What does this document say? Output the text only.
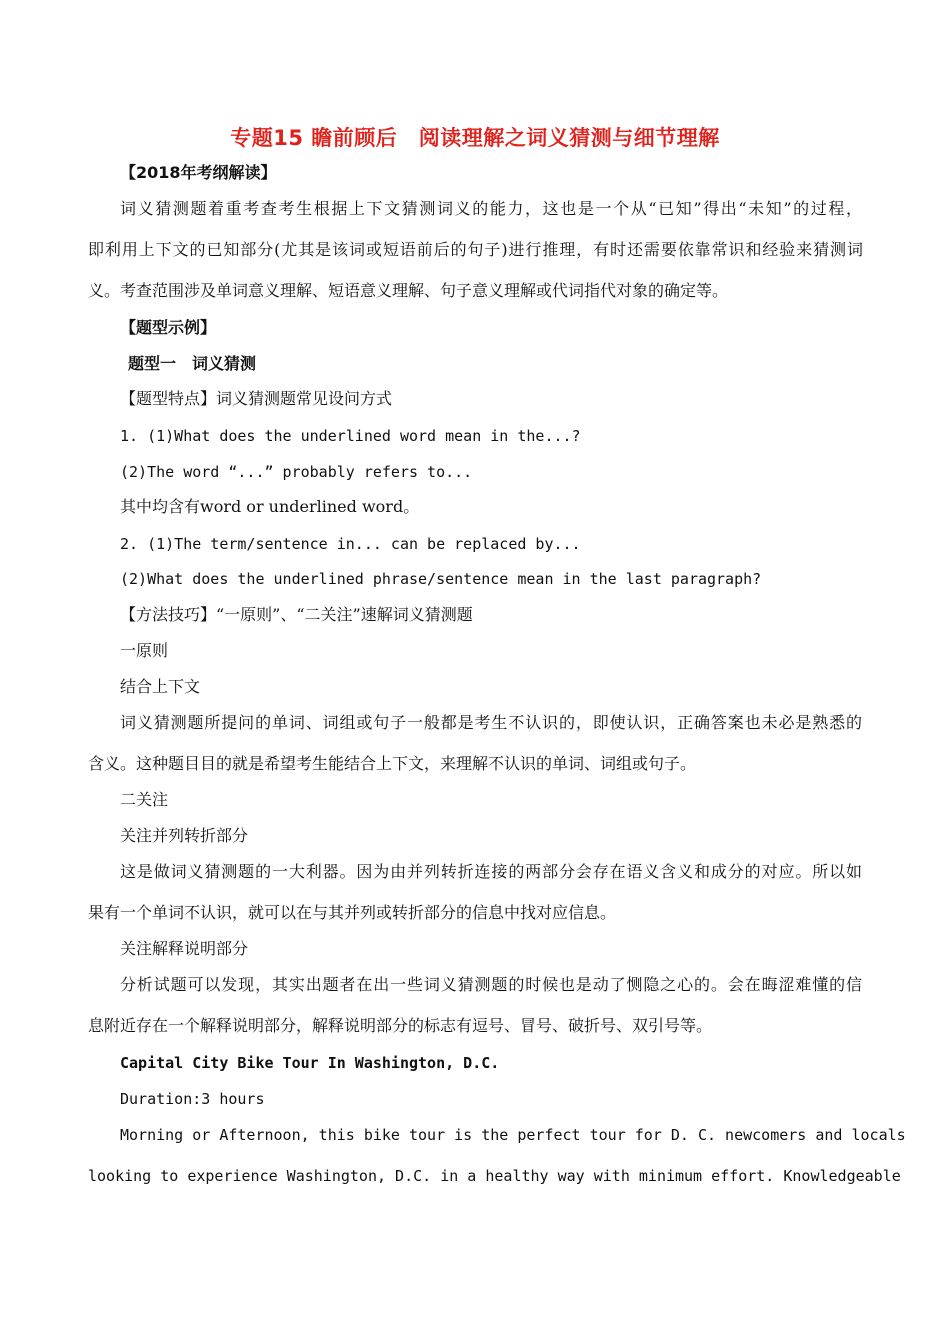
专题15 瞻前顾后　阅读理解之词义猜测与细节理解
【2018年考纲解读】
词义猜测题着重考查考生根据上下文猜测词义的能力，这也是一个从“已知”得出“未知”的过程，
即利用上下文的已知部分(尤其是该词或短语前后的句子)进行推理，有时还需要依靠常识和经验来猜测词
义。考查范围涉及单词意义理解、短语意义理解、句子意义理解或代词指代对象的确定等。
【题型示例】
题型一　词义猜测
【题型特点】词义猜测题常见设问方式
1. (1)What does the underlined word mean in the...?
(2)The word “...” probably refers to...
其中均含有word or underlined word。
2. (1)The term/sentence in... can be replaced by...
(2)What does the underlined phrase/sentence mean in the last paragraph?
【方法技巧】“一原则”、“二关注”速解词义猜测题
一原则
结合上下文
词义猜测题所提问的单词、词组或句子一般都是考生不认识的，即使认识，正确答案也未必是熟悉的
含义。这种题目目的就是希望考生能结合上下文，来理解不认识的单词、词组或句子。
二关注
关注并列转折部分
这是做词义猜测题的一大利器。因为由并列转折连接的两部分会存在语义含义和成分的对应。所以如
果有一个单词不认识，就可以在与其并列或转折部分的信息中找对应信息。
关注解释说明部分
分析试题可以发现，其实出题者在出一些词义猜测题的时候也是动了恻隐之心的。会在晦涩难懂的信
息附近存在一个解释说明部分，解释说明部分的标志有逗号、冒号、破折号、双引号等。
Capital City Bike Tour In Washington, D.C.
Duration:3 hours
Morning or Afternoon, this bike tour is the perfect tour for D. C. newcomers and locals
looking to experience Washington, D.C. in a healthy way with minimum effort. Knowledgeable
